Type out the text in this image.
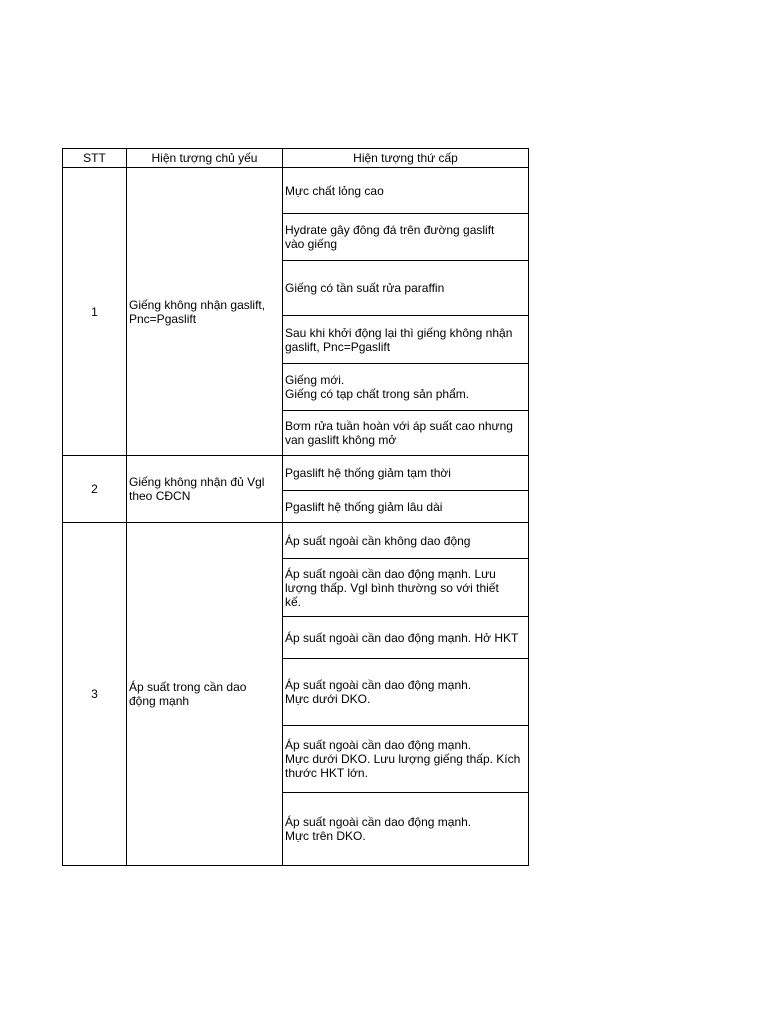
STT	Hiện tượng chủ yếu	Hiện tượng thứ cấp
1	Giếng không nhận gaslift,
Pnc=Pgaslift	Mực chất lỏng cao
		Hydrate gây đông đá trên đường gaslift
vào giếng
		Giếng có tần suất rửa paraffin
		Sau khi khởi động lại thì giếng không nhận
gaslift, Pnc=Pgaslift
		Giếng mới.
Giếng có tạp chất trong sản phẩm.
		Bơm rửa tuần hoàn với áp suất cao nhưng
van gaslift không mở
2	Giếng không nhận đủ Vgl
theo CĐCN	Pgaslift hệ thống giảm tạm thời
		Pgaslift hệ thống giảm lâu dài
3	Áp suất trong cần dao
động mạnh	Áp suất ngoài cần không dao động
		Áp suất ngoài cần dao động mạnh. Lưu
lượng thấp. Vgl bình thường so với thiết
kế.
		Áp suất ngoài cần dao động mạnh. Hở HKT
		Áp suất ngoài cần dao động mạnh.
Mực dưới DKO.
		Áp suất ngoài cần dao động mạnh.
Mực dưới DKO. Lưu lượng giếng thấp. Kích
thước HKT lớn.
		Áp suất ngoài cần dao động mạnh.
Mực trên DKO.
